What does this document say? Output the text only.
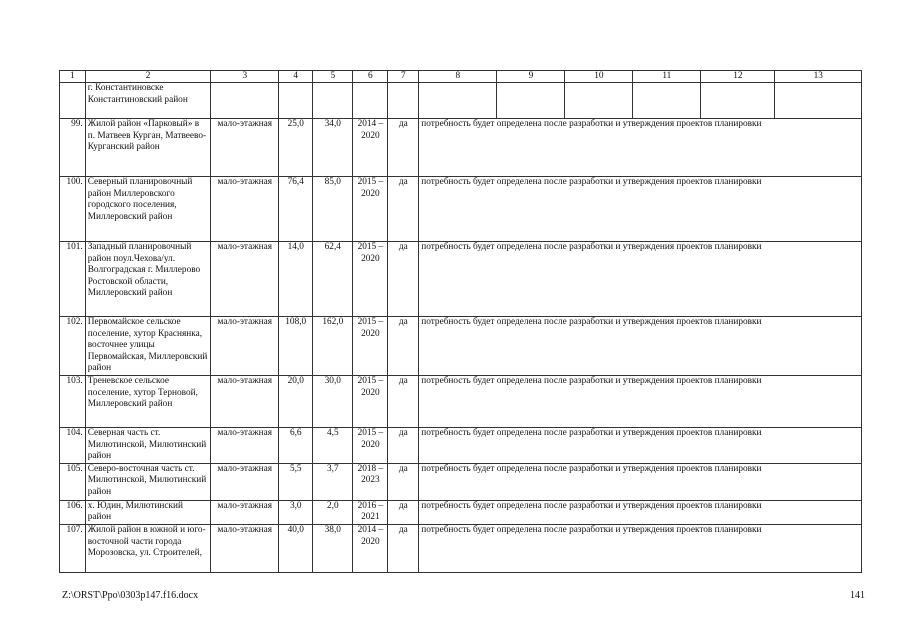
1	2	3	4	5	6	7	8	9	10	11	12	13
	г. Константиновске Константиновский район											
99.	Жилой район «Парковый» в п. Матвеев Курган, Матвеево-Курганский район	мало-этажная	25,0	34,0	2014 – 2020	да	потребность будет определена после разработки и утверждения проектов планировки					
100.	Северный планировочный район Миллеровского городского поселения, Миллеровский район	мало-этажная	76,4	85,0	2015 – 2020	да	потребность будет определена после разработки и утверждения проектов планировки					
101.	Западный планировочный район поул.Чехова/ул. Волгоградская г. Миллерово Ростовской области, Миллеровский район	мало-этажная	14,0	62,4	2015 – 2020	да	потребность будет определена после разработки и утверждения проектов планировки					
102.	Первомайское сельское поселение, хутор Краснянка, восточнее улицы Первомайская, Миллеровский район	мало-этажная	108,0	162,0	2015 – 2020	да	потребность будет определена после разработки и утверждения проектов планировки					
103.	Треневское сельское поселение, хутор Терновой, Миллеровский район	мало-этажная	20,0	30,0	2015 – 2020	да	потребность будет определена после разработки и утверждения проектов планировки					
104.	Северная часть ст. Милютинской, Милютинский район	мало-этажная	6,6	4,5	2015 – 2020	да	потребность будет определена после разработки и утверждения проектов планировки					
105.	Северо-восточная часть ст. Милютинской, Милютинский район	мало-этажная	5,5	3,7	2018 – 2023	да	потребность будет определена после разработки и утверждения проектов планировки					
106.	х. Юдин, Милютинский район	мало-этажная	3,0	2,0	2016 – 2021	да	потребность будет определена после разработки и утверждения проектов планировки					
107.	Жилой район в южной и юго-восточной части города Морозовска, ул. Строителей,	мало-этажная	40,0	38,0	2014 – 2020	да	потребность будет определена после разработки и утверждения проектов планировки					
Z:\ORST\Ppo\0303p147.f16.docx	141
